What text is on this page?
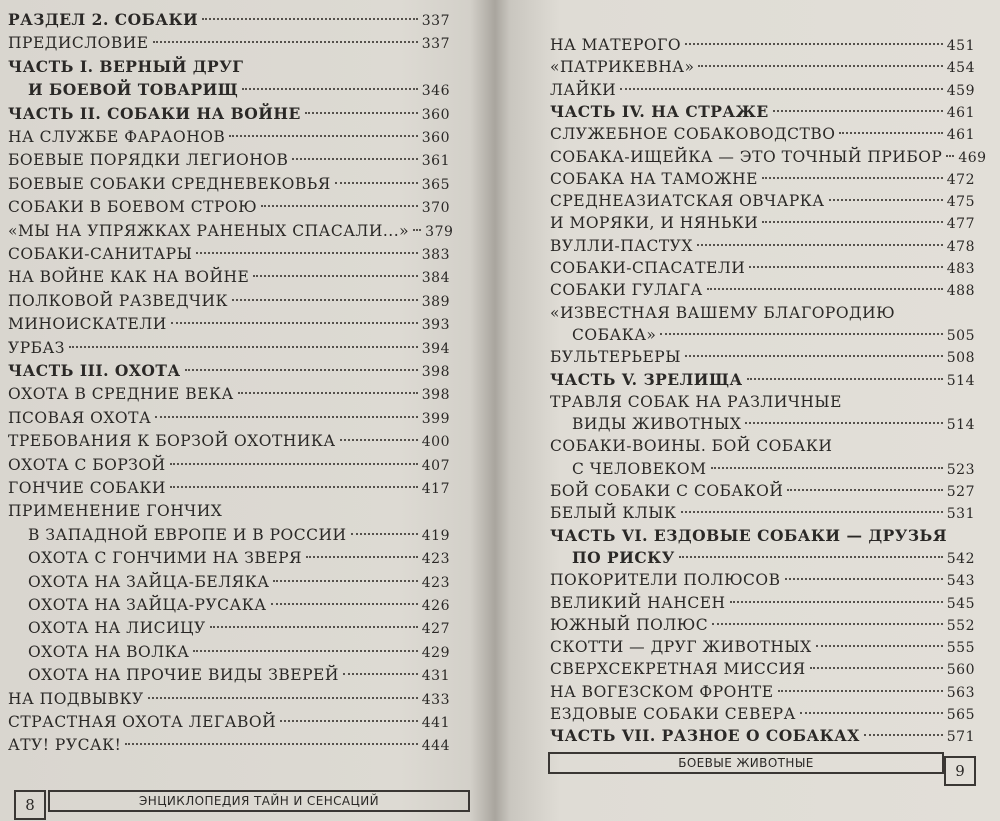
РАЗДЕЛ 2. СОБАКИ	337
ПРЕДИСЛОВИЕ	337
ЧАСТЬ I. ВЕРНЫЙ ДРУГ
И БОЕВОЙ ТОВАРИЩ	346
ЧАСТЬ II. СОБАКИ НА ВОЙНЕ	360
НА СЛУЖБЕ ФАРАОНОВ	360
БОЕВЫЕ ПОРЯДКИ ЛЕГИОНОВ	361
БОЕВЫЕ СОБАКИ СРЕДНЕВЕКОВЬЯ	365
СОБАКИ В БОЕВОМ СТРОЮ	370
«МЫ НА УПРЯЖКАХ РАНЕНЫХ СПАСАЛИ...» 379
СОБАКИ-САНИТАРЫ	383
НА ВОЙНЕ КАК НА ВОЙНЕ	384
ПОЛКОВОЙ РАЗВЕДЧИК	389
МИНОИСКАТЕЛИ	393
УРБАЗ	394
ЧАСТЬ III. ОХОТА	398
ОХОТА В СРЕДНИЕ ВЕКА	398
ПСОВАЯ ОХОТА	399
ТРЕБОВАНИЯ К БОРЗОЙ ОХОТНИКА	400
ОХОТА С БОРЗОЙ	407
ГОНЧИЕ СОБАКИ	417
ПРИМЕНЕНИЕ ГОНЧИХ
В ЗАПАДНОЙ ЕВРОПЕ И В РОССИИ	419
ОХОТА С ГОНЧИМИ НА ЗВЕРЯ	423
ОХОТА НА ЗАЙЦА-БЕЛЯКА	423
ОХОТА НА ЗАЙЦА-РУСАКА	426
ОХОТА НА ЛИСИЦУ	427
ОХОТА НА ВОЛКА	429
ОХОТА НА ПРОЧИЕ ВИДЫ ЗВЕРЕЙ	431
НА ПОДВЫВКУ	433
СТРАСТНАЯ ОХОТА ЛЕГАВОЙ	441
АТУ! РУСАК!	444
8	ЭНЦИКЛОПЕДИЯ ТАЙН И СЕНСАЦИЙ
НА МАТЕРОГО	451
«ПАТРИКЕВНА»	454
ЛАЙКИ	459
ЧАСТЬ IV. НА СТРАЖЕ	461
СЛУЖЕБНОЕ СОБАКОВОДСТВО	461
СОБАКА-ИЩЕЙКА — ЭТО ТОЧНЫЙ ПРИБОР 469
СОБАКА НА ТАМОЖНЕ	472
СРЕДНЕАЗИАТСКАЯ ОВЧАРКА	475
И МОРЯКИ, И НЯНЬКИ	477
ВУЛЛИ-ПАСТУХ	478
СОБАКИ-СПАСАТЕЛИ	483
СОБАКИ ГУЛАГА	488
«ИЗВЕСТНАЯ ВАШЕМУ БЛАГОРОДИЮ
СОБАКА»	505
БУЛЬТЕРЬЕРЫ	508
ЧАСТЬ V. ЗРЕЛИЩА	514
ТРАВЛЯ СОБАК НА РАЗЛИЧНЫЕ
ВИДЫ ЖИВОТНЫХ	514
СОБАКИ-ВОИНЫ. БОЙ СОБАКИ
С ЧЕЛОВЕКОМ	523
БОЙ СОБАКИ С СОБАКОЙ	527
БЕЛЫЙ КЛЫК	531
ЧАСТЬ VI. ЕЗДОВЫЕ СОБАКИ — ДРУЗЬЯ
ПО РИСКУ	542
ПОКОРИТЕЛИ ПОЛЮСОВ	543
ВЕЛИКИЙ НАНСЕН	545
ЮЖНЫЙ ПОЛЮС	552
СКОТТИ — ДРУГ ЖИВОТНЫХ	555
СВЕРХСЕКРЕТНАЯ МИССИЯ	560
НА ВОГЕЗСКОМ ФРОНТЕ	563
ЕЗДОВЫЕ СОБАКИ СЕВЕРА	565
ЧАСТЬ VII. РАЗНОЕ О СОБАКАХ	571
БОЕВЫЕ ЖИВОТНЫЕ	9
